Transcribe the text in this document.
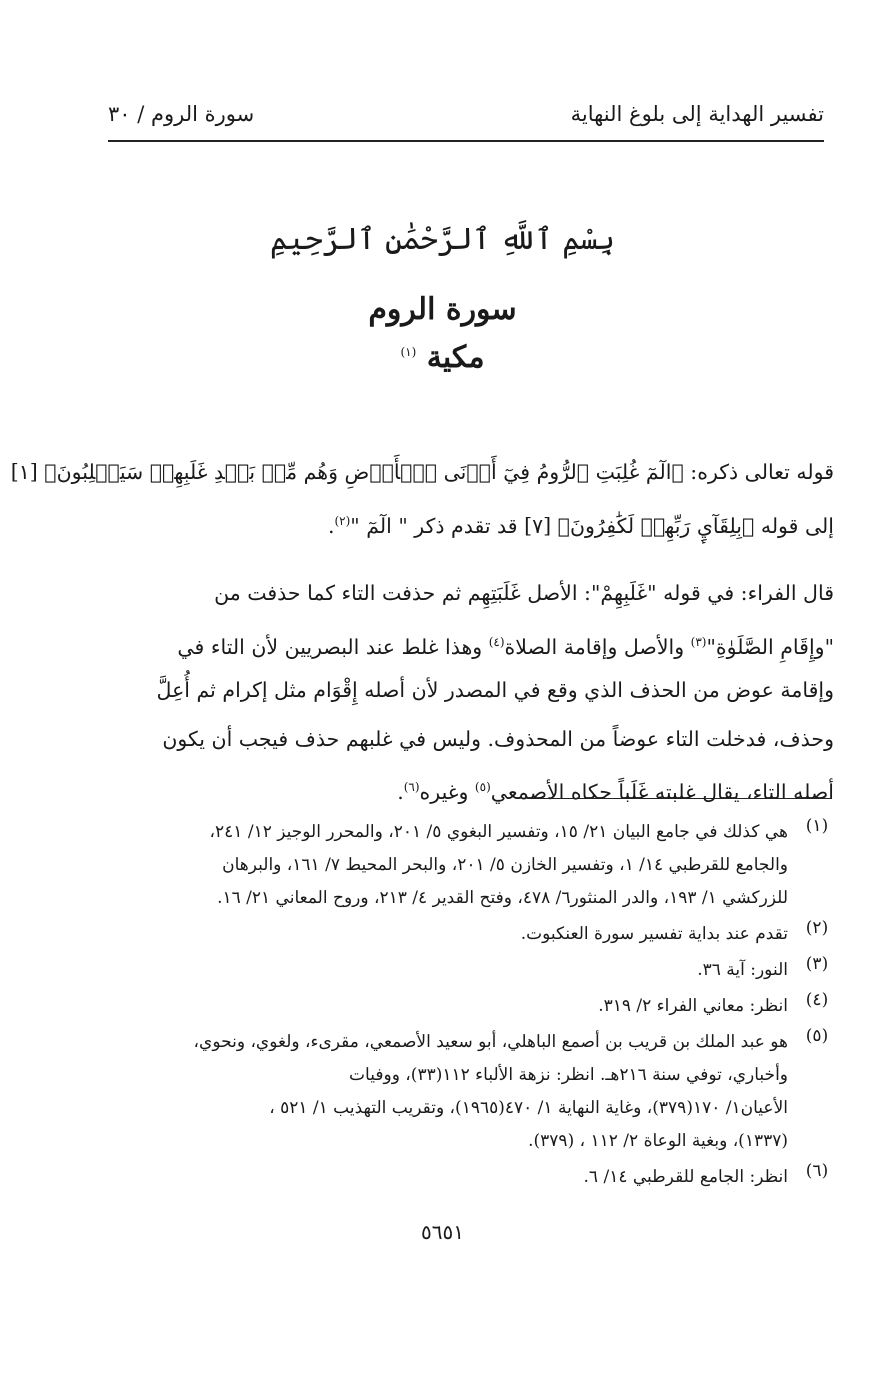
تفسير الهداية إلى بلوغ النهاية
سورة الروم / ٣٠
بِسْمِ ٱللَّهِ ٱلرَّحْمَٰنِ ٱلرَّحِيمِ
سورة الروم
مكية $^{(١)}$
قوله تعالى ذكره: ﴿الٓمٓ غُلِبَتِ ٱلرُّومُ فِيٓ أَدۡنَى ٱلۡأَرۡضِ وَهُم مِّنۢ بَعۡدِ غَلَبِهِمۡ سَيَغۡلِبُونَ﴾ [١]
إلى قوله ﴿بِلِقَآيِٕ رَبِّهِمۡ لَكَٰفِرُونَ﴾ [٧] قد تقدم ذكر " الٓمٓ "$^{(٢)}$.
قال الفراء: في قوله "غَلَبِهِمْ": الأصل غَلَبَتِهِم ثم حذفت التاء كما حذفت من
"وإِقَامِ الصَّلَوٰةِ"$^{(٣)}$ والأصل وإقامة الصلاة$^{(٤)}$ وهذا غلط عند البصريين لأن التاء في
وإقامة عوض من الحذف الذي وقع في المصدر لأن أصله إِقْوَام مثل إكرام ثم أُعِلَّ
وحذف، فدخلت التاء عوضاً من المحذوف. وليس في غلبهم حذف فيجب أن يكون
أصله التاء، يقال غلبته غَلَباً حكاه الأصمعي$^{(٥)}$ وغيره$^{(٦)}$.
(١)
هي كذلك في جامع البيان ٢١/ ١٥، وتفسير البغوي ٥/ ٢٠١، والمحرر الوجيز ١٢/ ٢٤١،
والجامع للقرطبي ١٤/ ١، وتفسير الخازن ٥/ ٢٠١، والبحر المحيط ٧/ ١٦١، والبرهان
للزركشي ١/ ١٩٣، والدر المنثور٦/ ٤٧٨، وفتح القدير ٤/ ٢١٣، وروح المعاني ٢١/ ١٦.
(٢)
تقدم عند بداية تفسير سورة العنكبوت.
(٣)
النور: آية ٣٦.
(٤)
انظر: معاني الفراء ٢/ ٣١٩.
(٥)
هو عبد الملك بن قريب بن أصمع الباهلي، أبو سعيد الأصمعي، مقرىء، ولغوي، ونحوي،
وأخباري، توفي سنة ٢١٦هـ. انظر: نزهة الألباء ١١٢(٣٣)، ووفيات
الأعيان١/ ١٧٠(٣٧٩)، وغاية النهاية ١/ ٤٧٠(١٩٦٥)، وتقريب التهذيب ١/ ٥٢١ ،
(١٣٣٧)، وبغية الوعاة ٢/ ١١٢ ، (٣٧٩).
(٦)
انظر: الجامع للقرطبي ١٤/ ٦.
٥٦٥١
